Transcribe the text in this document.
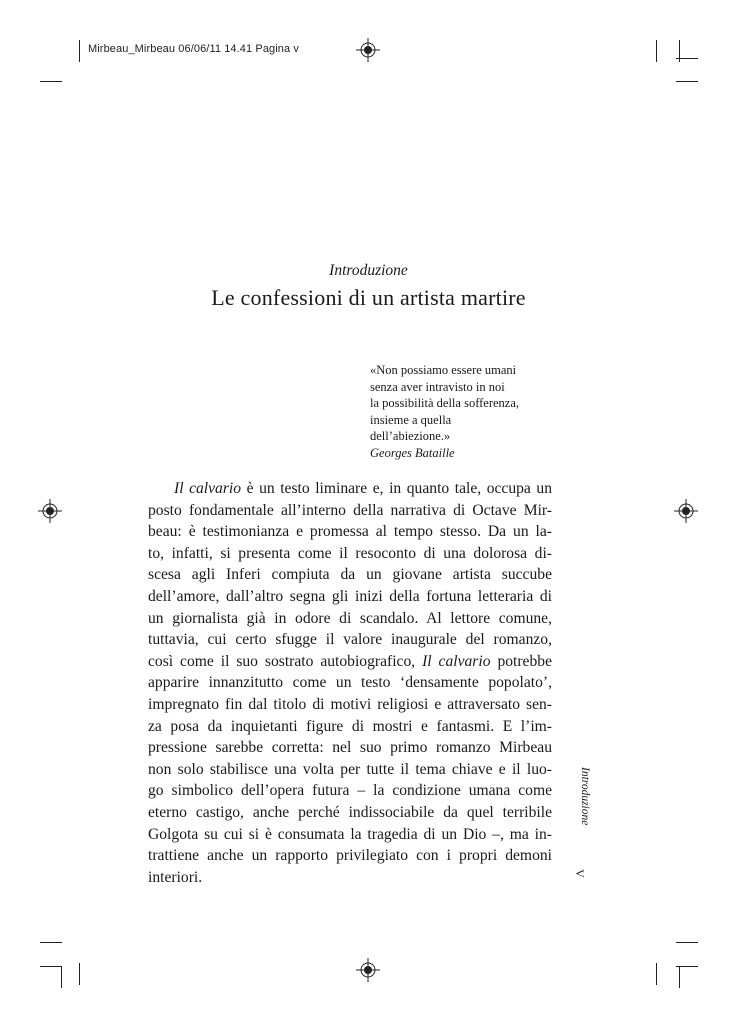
Mirbeau_Mirbeau 06/06/11 14.41 Pagina v
Introduzione
Le confessioni di un artista martire
«Non possiamo essere umani
senza aver intravisto in noi
la possibilità della sofferenza,
insieme a quella
dell’abiezione.»
Georges Bataille
Il calvario è un testo liminare e, in quanto tale, occupa un
posto fondamentale all’interno della narrativa di Octave Mir-
beau: è testimonianza e promessa al tempo stesso. Da un la-
to, infatti, si presenta come il resoconto di una dolorosa di-
scesa agli Inferi compiuta da un giovane artista succube
dell’amore, dall’altro segna gli inizi della fortuna letteraria di
un giornalista già in odore di scandalo. Al lettore comune,
tuttavia, cui certo sfugge il valore inaugurale del romanzo,
così come il suo sostrato autobiografico, Il calvario potrebbe
apparire innanzitutto come un testo ‘densamente popolato’,
impregnato fin dal titolo di motivi religiosi e attraversato sen-
za posa da inquietanti figure di mostri e fantasmi. E l’im-
pressione sarebbe corretta: nel suo primo romanzo Mirbeau
non solo stabilisce una volta per tutte il tema chiave e il luo-
go simbolico dell’opera futura – la condizione umana come
eterno castigo, anche perché indissociabile da quel terribile
Golgota su cui si è consumata la tragedia di un Dio –, ma in-
trattiene anche un rapporto privilegiato con i propri demoni
interiori.
Introduzione
V
